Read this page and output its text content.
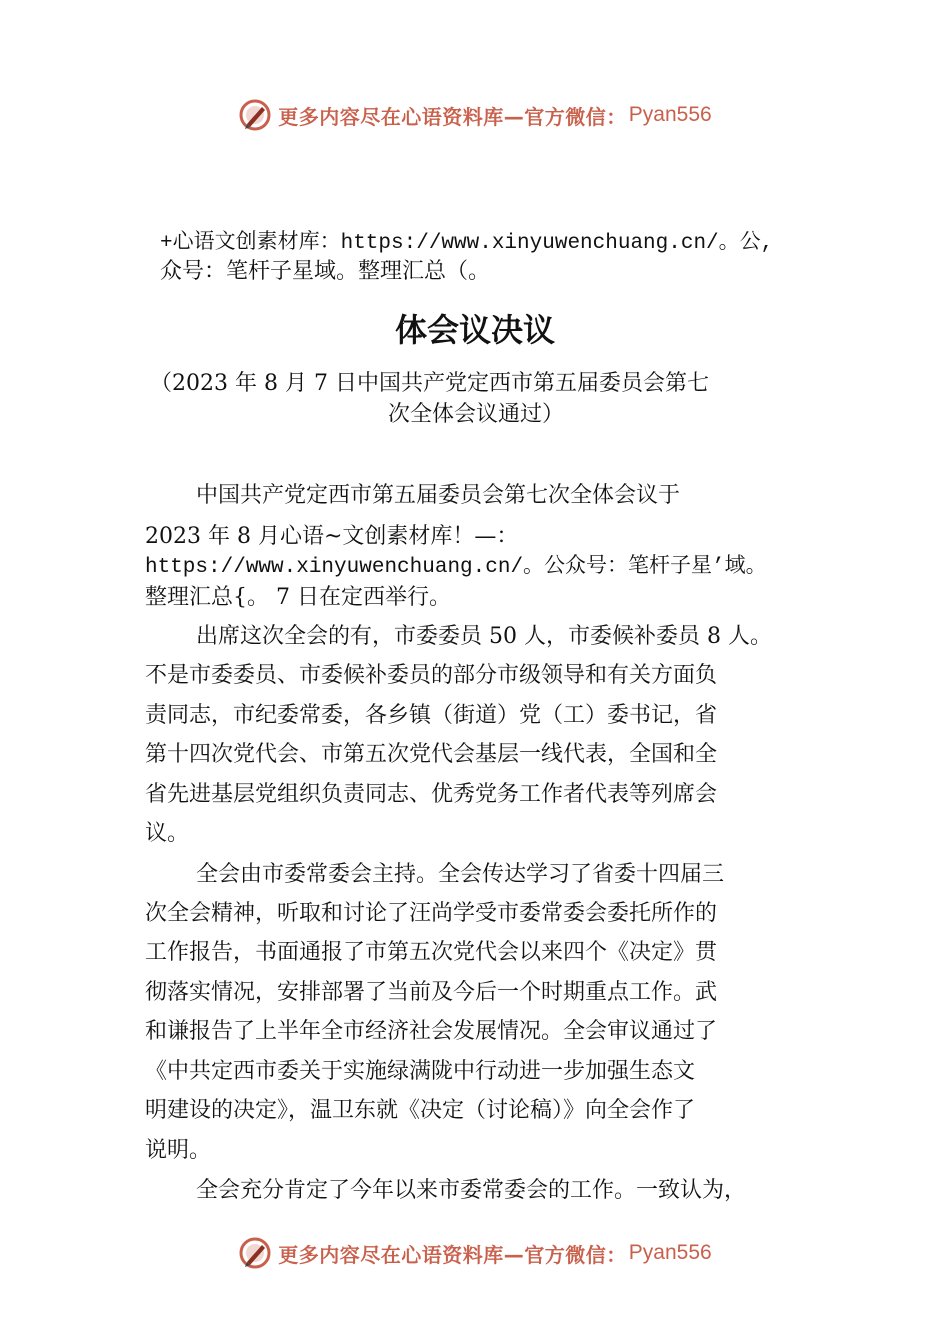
更多内容尽在心语资料库—官方微信： Pyan556
+心语文创素材库：https://www.xinyuwenchuang.cn/。公,
众号：笔杆子星域。整理汇总（。
体会议决议
（2023 年 8 月 7 日中国共产党定西市第五届委员会第七
次全体会议通过）
中国共产党定西市第五届委员会第七次全体会议于
2023 年 8 月心语~文创素材库！—：
https://www.xinyuwenchuang.cn/。公众号：笔杆子星’域。
整理汇总{。 7 日在定西举行。
出席这次全会的有，市委委员 50 人，市委候补委员 8 人。
不是市委委员、市委候补委员的部分市级领导和有关方面负
责同志，市纪委常委，各乡镇（街道）党（工）委书记，省
第十四次党代会、市第五次党代会基层一线代表，全国和全
省先进基层党组织负责同志、优秀党务工作者代表等列席会
议。
全会由市委常委会主持。全会传达学习了省委十四届三
次全会精神，听取和讨论了汪尚学受市委常委会委托所作的
工作报告，书面通报了市第五次党代会以来四个《决定》贯
彻落实情况，安排部署了当前及今后一个时期重点工作。武
和谦报告了上半年全市经济社会发展情况。全会审议通过了
《中共定西市委关于实施绿满陇中行动进一步加强生态文
明建设的决定》，温卫东就《决定（讨论稿）》向全会作了
说明。
全会充分肯定了今年以来市委常委会的工作。一致认为，
更多内容尽在心语资料库—官方微信： Pyan556
